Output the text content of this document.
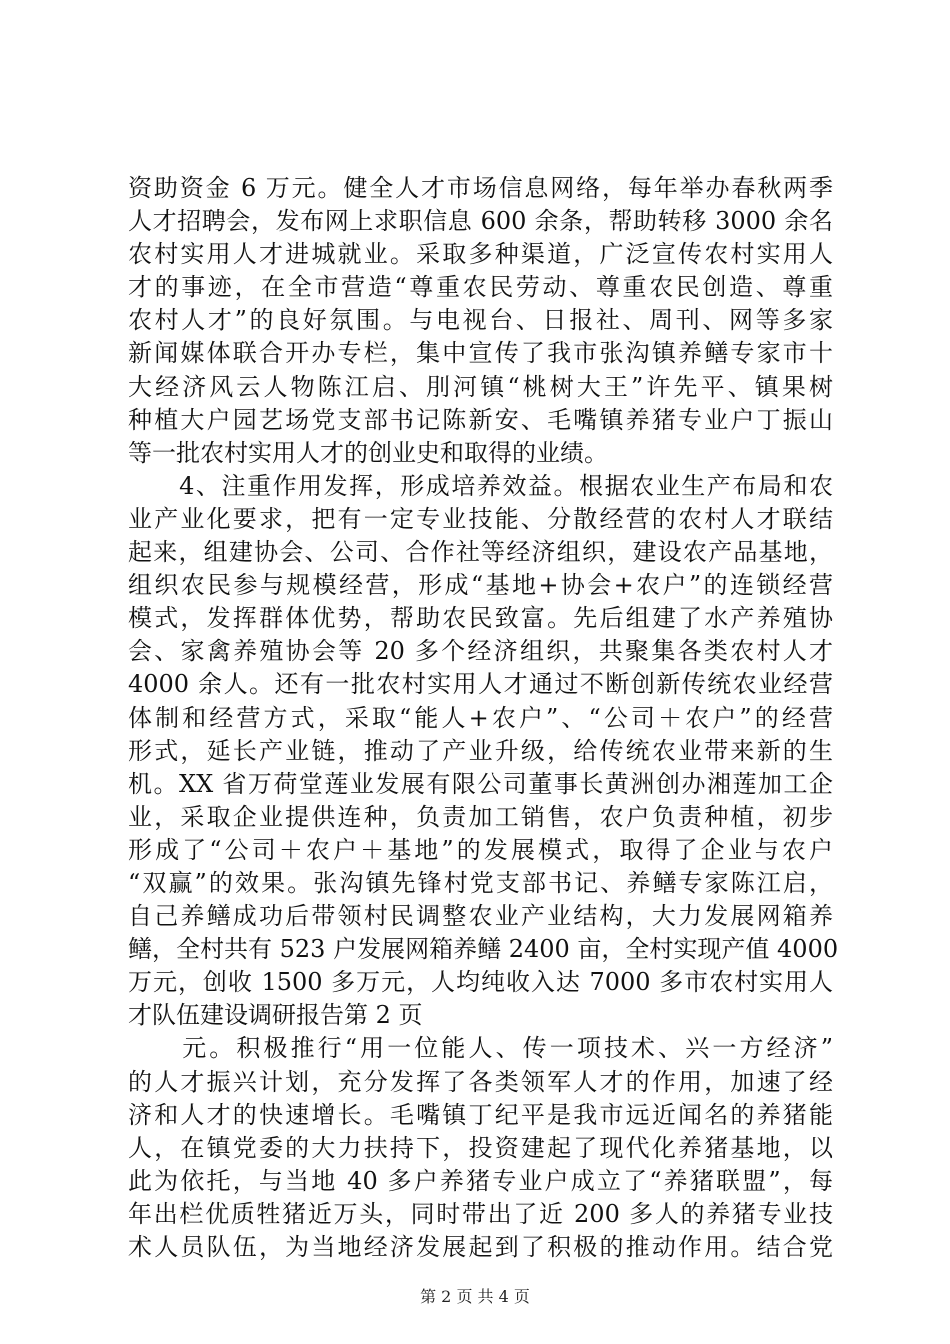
资助资金 6 万元。健全人才市场信息网络，每年举办春秋两季
人才招聘会，发布网上求职信息 600 余条，帮助转移 3000 余名
农村实用人才进城就业。采取多种渠道，广泛宣传农村实用人
才的事迹，在全市营造“尊重农民劳动、尊重农民创造、尊重
农村人才”的良好氛围。与电视台、日报社、周刊、网等多家
新闻媒体联合开办专栏，集中宣传了我市张沟镇养鳝专家市十
大经济风云人物陈江启、刖河镇“桃树大王”许先平、镇果树
种植大户园艺场党支部书记陈新安、毛嘴镇养猪专业户丁振山
等一批农村实用人才的创业史和取得的业绩。
　　4、注重作用发挥，形成培养效益。根据农业生产布局和农
业产业化要求，把有一定专业技能、分散经营的农村人才联结
起来，组建协会、公司、合作社等经济组织，建设农产品基地，
组织农民参与规模经营，形成“基地+协会+农户”的连锁经营
模式，发挥群体优势，帮助农民致富。先后组建了水产养殖协
会、家禽养殖协会等 20 多个经济组织，共聚集各类农村人才
4000 余人。还有一批农村实用人才通过不断创新传统农业经营
体制和经营方式，采取“能人+农户”、“公司＋农户”的经营
形式，延长产业链，推动了产业升级，给传统农业带来新的生
机。XX 省万荷堂莲业发展有限公司董事长黄洲创办湘莲加工企
业，采取企业提供连种，负责加工销售，农户负责种植，初步
形成了“公司＋农户＋基地”的发展模式，取得了企业与农户
“双赢”的效果。张沟镇先锋村党支部书记、养鳝专家陈江启，
自己养鳝成功后带领村民调整农业产业结构，大力发展网箱养
鳝，全村共有 523 户发展网箱养鳝 2400 亩，全村实现产值 4000
万元，创收 1500 多万元，人均纯收入达 7000 多市农村实用人
才队伍建设调研报告第 2 页
　　元。积极推行“用一位能人、传一项技术、兴一方经济”
的人才振兴计划，充分发挥了各类领军人才的作用，加速了经
济和人才的快速增长。毛嘴镇丁纪平是我市远近闻名的养猪能
人，在镇党委的大力扶持下，投资建起了现代化养猪基地，以
此为依托，与当地 40 多户养猪专业户成立了“养猪联盟”，每
年出栏优质牲猪近万头，同时带出了近 200 多人的养猪专业技
术人员队伍，为当地经济发展起到了积极的推动作用。结合党
第 2 页 共 4 页
